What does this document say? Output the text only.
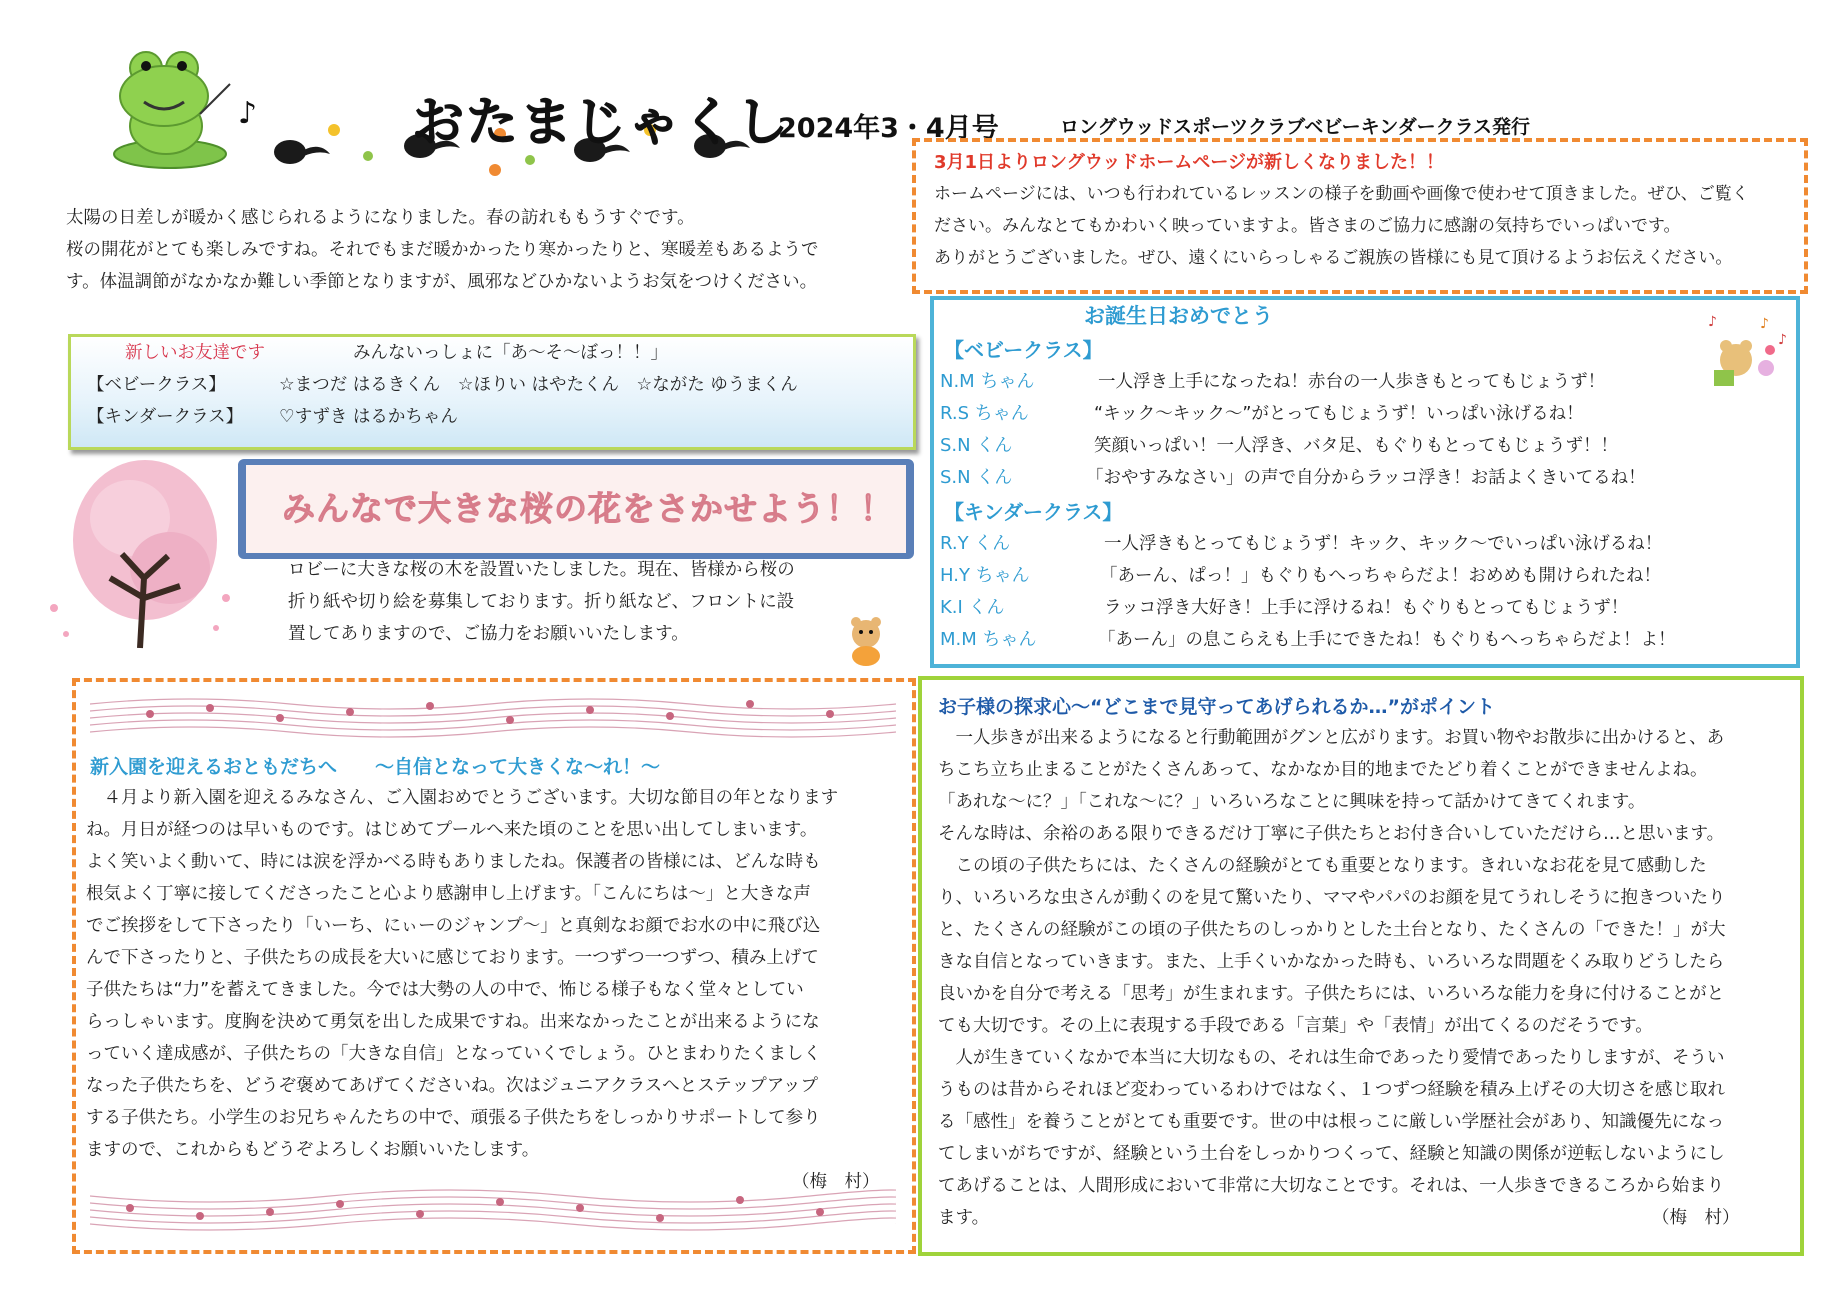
♪	おたまじゃくし
2024年3・4月号	ロングウッドスポーツクラブベビーキンダークラス発行

太陽の日差しが暖かく感じられるようになりました。春の訪れももうすぐです。

桜の開花がとても楽しみですね。それでもまだ暖かかったり寒かったりと、寒暖差もあるようで

す。体温調節がなかなか難しい季節となりますが、風邪などひかないようお気をつけください。

3月1日よりロングウッドホームページが新しくなりました！！

ホームページには、いつも行われているレッスンの様子を動画や画像で使わせて頂きました。ぜひ、ご覧く

ださい。みんなとてもかわいく映っていますよ。皆さまのご協力に感謝の気持ちでいっぱいです。

ありがとうございました。ぜひ、遠くにいらっしゃるご親族の皆様にも見て頂けるようお伝えください。

新しいお友達です	みんないっしょに「あ～そ～ぼっ！！」
【ベビークラス】	☆まつだ はるきくん　☆ほりい はやたくん　☆ながた ゆうまくん
【キンダークラス】 ♡すずき はるかちゃん
みんなで大きな桜の花をさかせよう！！

ロビーに大きな桜の木を設置いたしました。現在、皆様から桜の

折り紙や切り絵を募集しております。折り紙など、フロントに設

置してありますので、ご協力をお願いいたします。

お誕生日おめでとう
【ベビークラス】
N.M ちゃん	一人浮き上手になったね！赤台の一人歩きもとってもじょうず！
R.S ちゃん	“キック～キック～”がとってもじょうず！いっぱい泳げるね！
S.N くん	笑顔いっぱい！一人浮き、バタ足、もぐりもとってもじょうず！！
S.N くん	「おやすみなさい」の声で自分からラッコ浮き！お話よくきいてるね！
【キンダークラス】
R.Y くん	一人浮きもとってもじょうず！キック、キック～でいっぱい泳げるね！
H.Y ちゃん	「あーん、ぱっ！」もぐりもへっちゃらだよ！おめめも開けられたね！
K.I くん	ラッコ浮き大好き！上手に浮けるね！もぐりもとってもじょうず！
M.M ちゃん	「あーん」の息こらえも上手にできたね！もぐりもへっちゃらだよ！よ！
♪	♪
♪
新入園を迎えるおともだちへ　　～自信となって大きくな～れ！～

　４月より新入園を迎えるみなさん、ご入園おめでとうございます。大切な節目の年となります

ね。月日が経つのは早いものです。はじめてプールへ来た頃のことを思い出してしまいます。

よく笑いよく動いて、時には涙を浮かべる時もありましたね。保護者の皆様には、どんな時も

根気よく丁寧に接してくださったこと心より感謝申し上げます。「こんにちは～」と大きな声

でご挨拶をして下さったり「いーち、にぃーのジャンプ～」と真剣なお顔でお水の中に飛び込

んで下さったりと、子供たちの成長を大いに感じております。一つずつ一つずつ、積み上げて

子供たちは“力”を蓄えてきました。今では大勢の人の中で、怖じる様子もなく堂々としてい

らっしゃいます。度胸を決めて勇気を出した成果ですね。出来なかったことが出来るようにな

っていく達成感が、子供たちの「大きな自信」となっていくでしょう。ひとまわりたくましく

なった子供たちを、どうぞ褒めてあげてくださいね。次はジュニアクラスへとステップアップ

する子供たち。小学生のお兄ちゃんたちの中で、頑張る子供たちをしっかりサポートして参り

ますので、これからもどうぞよろしくお願いいたします。

（梅　村）
お子様の探求心～“どこまで見守ってあげられるか…”がポイント

　一人歩きが出来るようになると行動範囲がグンと広がります。お買い物やお散歩に出かけると、あ

ちこち立ち止まることがたくさんあって、なかなか目的地までたどり着くことができませんよね。

「あれな～に？」「これな～に？」いろいろなことに興味を持って話かけてきてくれます。

そんな時は、余裕のある限りできるだけ丁寧に子供たちとお付き合いしていただけら…と思います。

　この頃の子供たちには、たくさんの経験がとても重要となります。きれいなお花を見て感動した

り、いろいろな虫さんが動くのを見て驚いたり、ママやパパのお顔を見てうれしそうに抱きついたり

と、たくさんの経験がこの頃の子供たちのしっかりとした土台となり、たくさんの「できた！」が大

きな自信となっていきます。また、上手くいかなかった時も、いろいろな問題をくみ取りどうしたら

良いかを自分で考える「思考」が生まれます。子供たちには、いろいろな能力を身に付けることがと

ても大切です。その上に表現する手段である「言葉」や「表情」が出てくるのだそうです。

　人が生きていくなかで本当に大切なもの、それは生命であったり愛情であったりしますが、そうい

うものは昔からそれほど変わっているわけではなく、１つずつ経験を積み上げその大切さを感じ取れ

る「感性」を養うことがとても重要です。世の中は根っこに厳しい学歴社会があり、知識優先になっ

てしまいがちですが、経験という土台をしっかりつくって、経験と知識の関係が逆転しないようにし

てあげることは、人間形成において非常に大切なことです。それは、一人歩きできるころから始まり

ます。	（梅　村）
